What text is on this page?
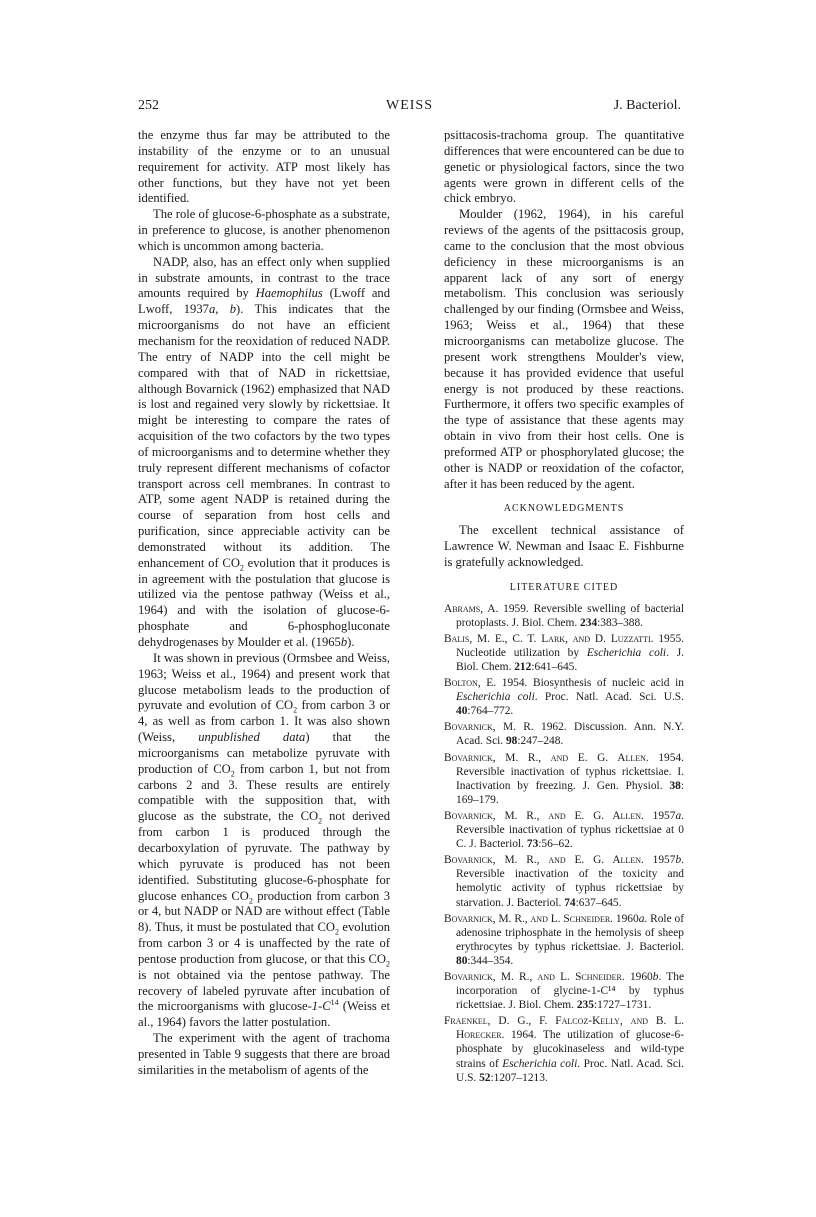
252	WEISS	J. Bacteriol.

the enzyme thus far may be attributed to the instability of the enzyme or to an unusual requirement for activity. ATP most likely has other functions, but they have not yet been identified.

The role of glucose-6-phosphate as a substrate, in preference to glucose, is another phenomenon which is uncommon among bacteria.

NADP, also, has an effect only when supplied in substrate amounts, in contrast to the trace amounts required by Haemophilus (Lwoff and Lwoff, 1937a, b). This indicates that the microorganisms do not have an efficient mechanism for the reoxidation of reduced NADP. The entry of NADP into the cell might be compared with that of NAD in rickettsiae, although Bovarnick (1962) emphasized that NAD is lost and regained very slowly by rickettsiae. It might be interesting to compare the rates of acquisition of the two cofactors by the two types of microorganisms and to determine whether they truly represent different mechanisms of cofactor transport across cell membranes. In contrast to ATP, some agent NADP is retained during the course of separation from host cells and purification, since appreciable activity can be demonstrated without its addition. The enhancement of $CO_2$ evolution that it produces is in agreement with the postulation that glucose is utilized via the pentose pathway (Weiss et al., 1964) and with the isolation of glucose-6-phosphate and 6-phosphogluconate dehydrogenases by Moulder et al. (1965b).

It was shown in previous (Ormsbee and Weiss, 1963; Weiss et al., 1964) and present work that glucose metabolism leads to the production of pyruvate and evolution of $CO_2$ from carbon 3 or 4, as well as from carbon 1. It was also shown (Weiss, unpublished data) that the microorganisms can metabolize pyruvate with production of $CO_2$ from carbon 1, but not from carbons 2 and 3. These results are entirely compatible with the supposition that, with glucose as the substrate, the $CO_2$ not derived from carbon 1 is produced through the decarboxylation of pyruvate. The pathway by which pyruvate is produced has not been identified. Substituting glucose-6-phosphate for glucose enhances $CO_2$ production from carbon 3 or 4, but NADP or NAD are without effect (Table 8). Thus, it must be postulated that $CO_2$ evolution from carbon 3 or 4 is unaffected by the rate of pentose production from glucose, or that this $CO_2$ is not obtained via the pentose pathway. The recovery of labeled pyruvate after incubation of the microorganisms with glucose-$1-C^{14}$ (Weiss et al., 1964) favors the latter postulation.

The experiment with the agent of trachoma presented in Table 9 suggests that there are broad similarities in the metabolism of agents of the

psittacosis-trachoma group. The quantitative differences that were encountered can be due to genetic or physiological factors, since the two agents were grown in different cells of the chick embryo.

Moulder (1962, 1964), in his careful reviews of the agents of the psittacosis group, came to the conclusion that the most obvious deficiency in these microorganisms is an apparent lack of any sort of energy metabolism. This conclusion was seriously challenged by our finding (Ormsbee and Weiss, 1963; Weiss et al., 1964) that these microorganisms can metabolize glucose. The present work strengthens Moulder's view, because it has provided evidence that useful energy is not produced by these reactions. Furthermore, it offers two specific examples of the type of assistance that these agents may obtain in vivo from their host cells. One is preformed ATP or phosphorylated glucose; the other is NADP or reoxidation of the cofactor, after it has been reduced by the agent.

ACKNOWLEDGMENTS

The excellent technical assistance of Lawrence W. Newman and Isaac E. Fishburne is gratefully acknowledged.

LITERATURE CITED
Abrams, A. 1959. Reversible swelling of bacterial protoplasts. J. Biol. Chem. 234:383–388.
Balis, M. E., C. T. Lark, and D. Luzzatti. 1955. Nucleotide utilization by Escherichia coli. J. Biol. Chem. 212:641–645.
Bolton, E. 1954. Biosynthesis of nucleic acid in Escherichia coli. Proc. Natl. Acad. Sci. U.S. 40:764–772.
Bovarnick, M. R. 1962. Discussion. Ann. N.Y. Acad. Sci. 98:247–248.
Bovarnick, M. R., and E. G. Allen. 1954. Reversible inactivation of typhus rickettsiae. I. Inactivation by freezing. J. Gen. Physiol. 38: 169–179.
Bovarnick, M. R., and E. G. Allen. 1957a. Reversible inactivation of typhus rickettsiae at 0 C. J. Bacteriol. 73:56–62.
Bovarnick, M. R., and E. G. Allen. 1957b. Reversible inactivation of the toxicity and hemolytic activity of typhus rickettsiae by starvation. J. Bacteriol. 74:637–645.
Bovarnick, M. R., and L. Schneider. 1960a. Role of adenosine triphosphate in the hemolysis of sheep erythrocytes by typhus rickettsiae. J. Bacteriol. 80:344–354.
Bovarnick, M. R., and L. Schneider. 1960b. The incorporation of glycine-1-C¹⁴ by typhus rickettsiae. J. Biol. Chem. 235:1727–1731.
Fraenkel, D. G., F. Falcoz-Kelly, and B. L. Horecker. 1964. The utilization of glucose-6-phosphate by glucokinaseless and wild-type strains of Escherichia coli. Proc. Natl. Acad. Sci. U.S. 52:1207–1213.
